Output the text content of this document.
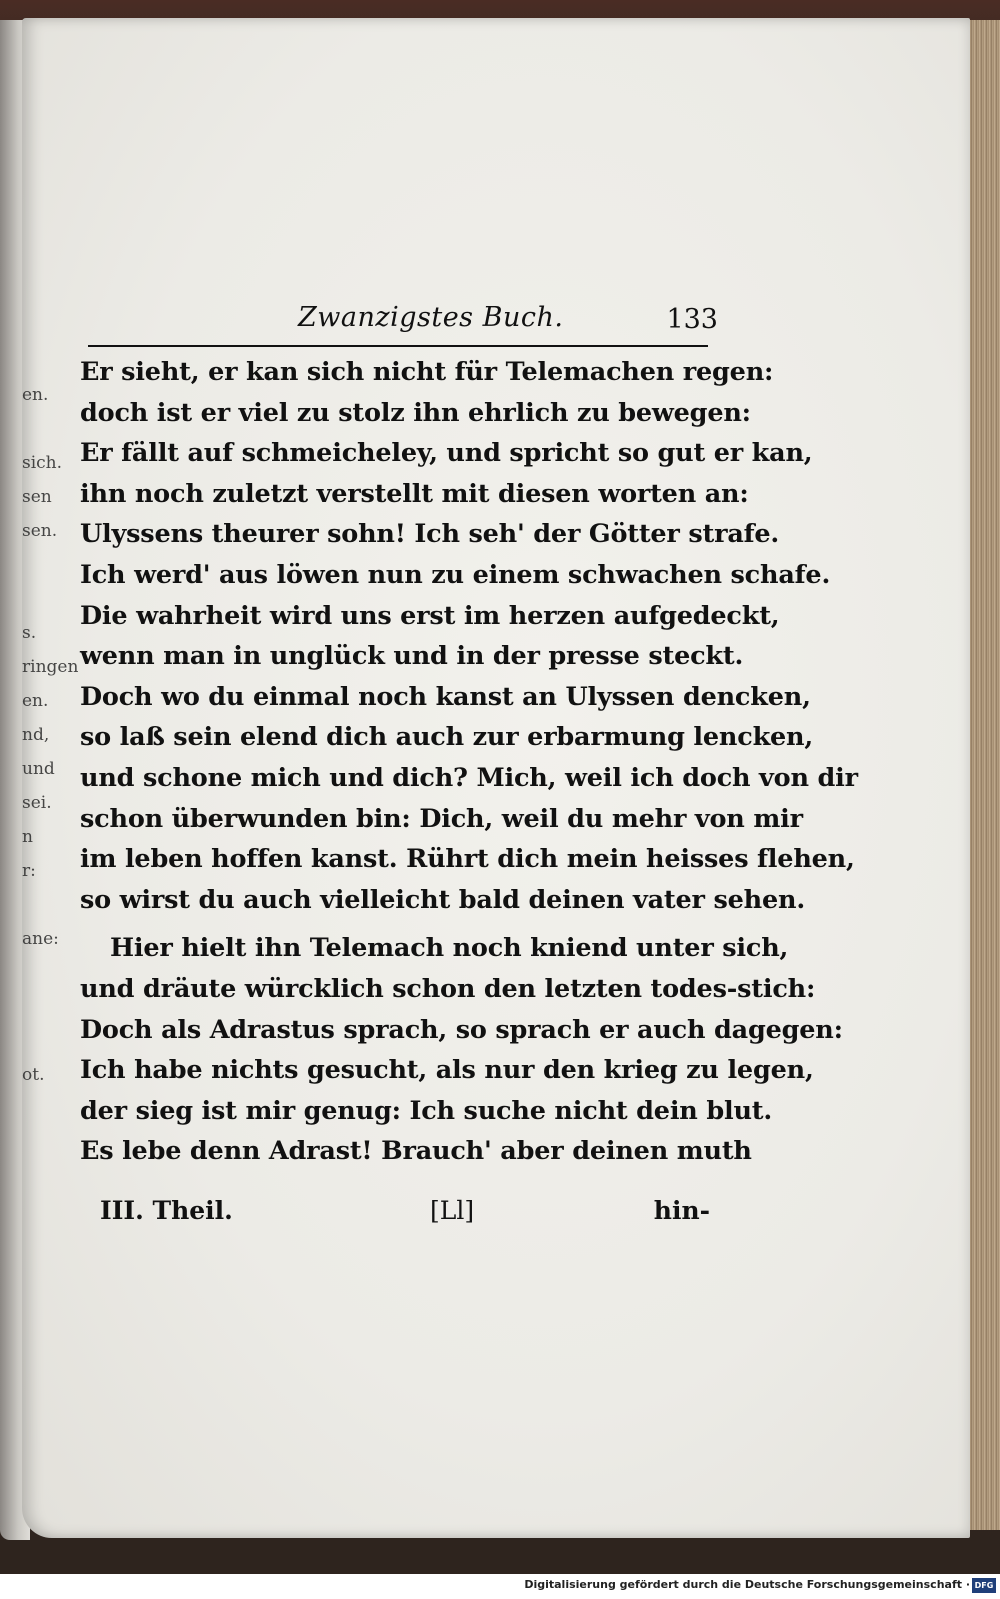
en.
sich.
sen
sen.
s.
ringen
en.
nd,
und
sei.
n
r:
ane:
ot.
Zwanzigstes Buch.	133
Er sieht, er kan sich nicht für Telemachen regen:
doch ist er viel zu stolz ihn ehrlich zu bewegen:
Er fällt auf schmeicheley, und spricht so gut er kan,
ihn noch zuletzt verstellt mit diesen worten an:
Ulyssens theurer sohn! Ich seh' der Götter strafe.
Ich werd' aus löwen nun zu einem schwachen schafe.
Die wahrheit wird uns erst im herzen aufgedeckt,
wenn man in unglück und in der presse steckt.
Doch wo du einmal noch kanst an Ulyssen dencken,
so laß sein elend dich auch zur erbarmung lencken,
und schone mich und dich? Mich, weil ich doch von dir
schon überwunden bin: Dich, weil du mehr von mir
im leben hoffen kanst. Rührt dich mein heisses flehen,
so wirst du auch vielleicht bald deinen vater sehen.
Hier hielt ihn Telemach noch kniend unter sich,
und dräute würcklich schon den letzten todes-stich:
Doch als Adrastus sprach, so sprach er auch dagegen:
Ich habe nichts gesucht, als nur den krieg zu legen,
der sieg ist mir genug: Ich suche nicht dein blut.
Es lebe denn Adrast! Brauch' aber deinen muth
III. Theil.	[Ll]	hin-
Digitalisierung gefördert durch die Deutsche Forschungsgemeinschaft · DFG
